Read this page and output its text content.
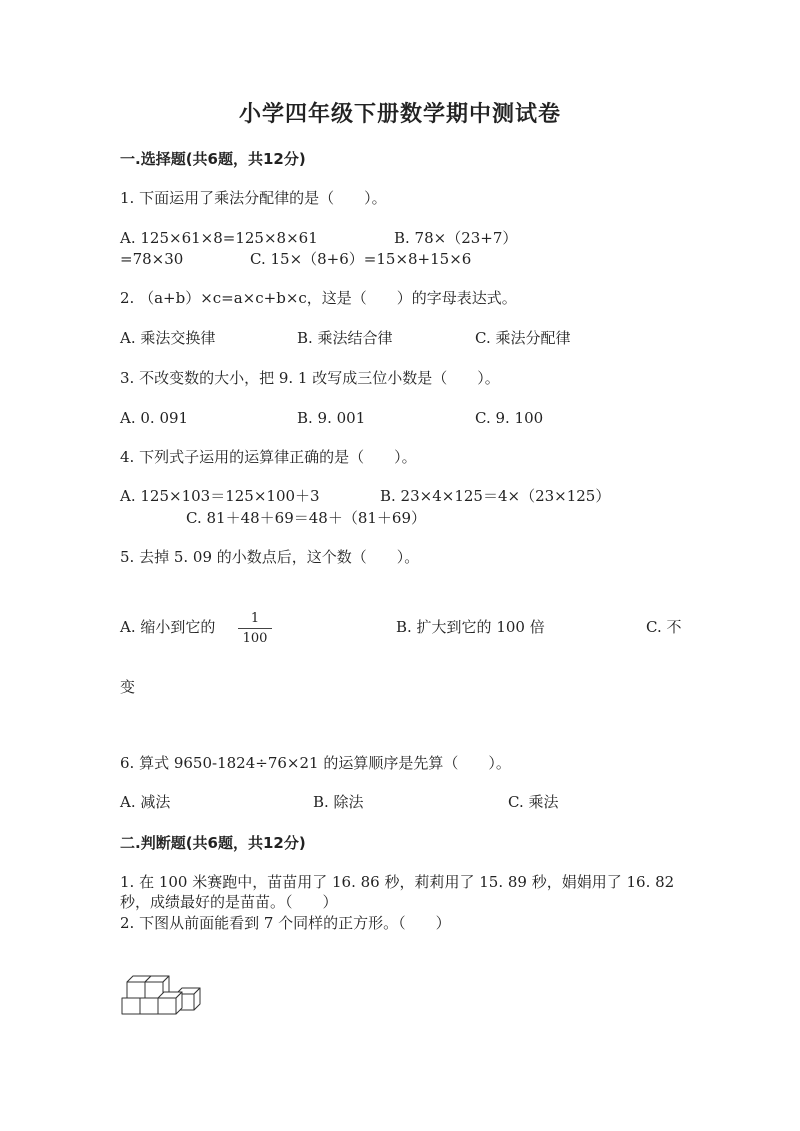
小学四年级下册数学期中测试卷
一.选择题(共6题，共12分)
1. 下面运用了乘法分配律的是（　　）。
A. 125×61×8=125×8×61	B. 78×（23+7）
=78×30	C. 15×（8+6）=15×8+15×6
2. （a+b）×c=a×c+b×c，这是（　　）的字母表达式。
A. 乘法交换律	B. 乘法结合律	C. 乘法分配律
3. 不改变数的大小，把 9. 1 改写成三位小数是（　　）。
A. 0. 091	B. 9. 001	C. 9. 100
4. 下列式子运用的运算律正确的是（　　）。
A. 125×103＝125×100＋3	B. 23×4×125＝4×（23×125）
C. 81＋48＋69＝48＋（81＋69）
5. 去掉 5. 09 的小数点后，这个数（　　）。
A. 缩小到它的	1
100
B. 扩大到它的 100 倍	C. 不
变
6. 算式 9650-1824÷76×21 的运算顺序是先算（　　）。
A. 减法	B. 除法	C. 乘法
二.判断题(共6题，共12分)
1. 在 100 米赛跑中，苗苗用了 16. 86 秒，莉莉用了 15. 89 秒，娟娟用了 16. 82
秒，成绩最好的是苗苗。（　　）
2. 下图从前面能看到 7 个同样的正方形。（　　）
